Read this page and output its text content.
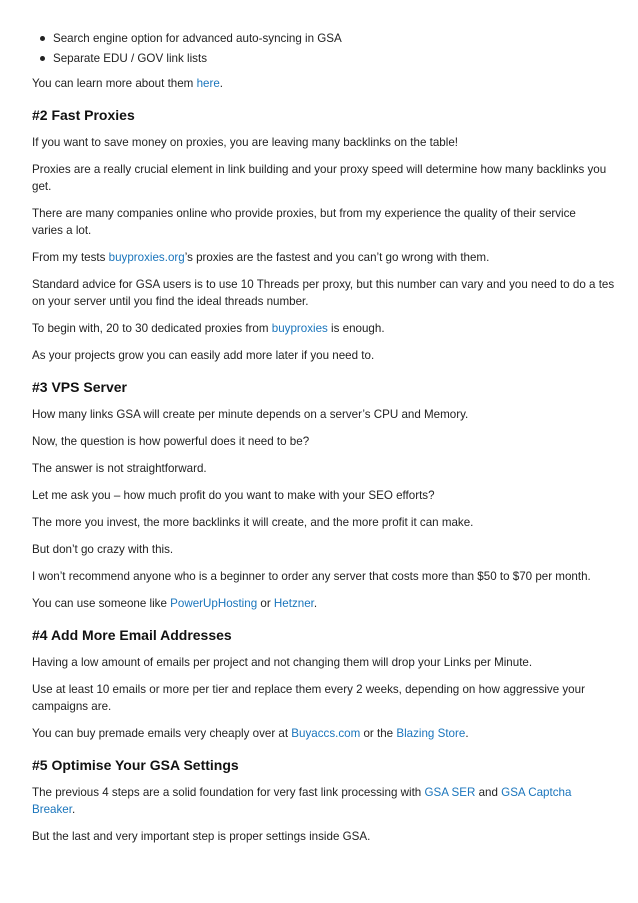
Search engine option for advanced auto-syncing in GSA
Separate EDU / GOV link lists

You can learn more about them here.

#2 Fast Proxies

If you want to save money on proxies, you are leaving many backlinks on the table!

Proxies are a really crucial element in link building and your proxy speed will determine how many backlinks you get.

There are many companies online who provide proxies, but from my experience the quality of their service varies a lot.

From my tests buyproxies.org’s proxies are the fastest and you can’t go wrong with them.

Standard advice for GSA users is to use 10 Threads per proxy, but this number can vary and you need to do a tes
on your server until you find the ideal threads number.

To begin with, 20 to 30 dedicated proxies from buyproxies is enough.

As your projects grow you can easily add more later if you need to.

#3 VPS Server

How many links GSA will create per minute depends on a server’s CPU and Memory.

Now, the question is how powerful does it need to be?

The answer is not straightforward.

Let me ask you – how much profit do you want to make with your SEO efforts?

The more you invest, the more backlinks it will create, and the more profit it can make.

But don’t go crazy with this.

I won’t recommend anyone who is a beginner to order any server that costs more than $50 to $70 per month.

You can use someone like PowerUpHosting or Hetzner.

#4 Add More Email Addresses

Having a low amount of emails per project and not changing them will drop your Links per Minute.

Use at least 10 emails or more per tier and replace them every 2 weeks, depending on how aggressive your campaigns are.

You can buy premade emails very cheaply over at Buyaccs.com or the Blazing Store.

#5 Optimise Your GSA Settings

The previous 4 steps are a solid foundation for very fast link processing with GSA SER and GSA Captcha Breaker.

But the last and very important step is proper settings inside GSA.
